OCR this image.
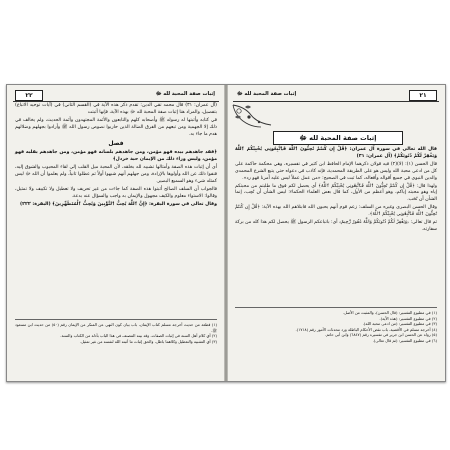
٢٢	إثبات صفة المحبة لله ﷻ

(آل عمران: ٣١) قال محمد تقي الدين: تقدم ذكر هذه الآية في (القسم الثاني) في (آيات توحيد الاتباع) بتفصيل، والمراد هنا إثبات صفة المحبة لله ﷻ بهذه الآية، فإنها أثبتت

في كتابه وأثبتها له رسوله ﷺ وأصحابه كلهم والتابعون والأئمة المجتهدون وأئمة الحديث، ولم يخالف في ذلك إلا الجهمية ومن تبعهم من الفرق الضالة الذين حاربوا نصوص رسول الله ﷺ وأرادوا بجهلهم وضلالهم هدم ما جاء به.

فصل

﴿فقد جاهدهم بيده فهو مؤمن، ومن جاهدهم بلسانه فهو مؤمن، ومن جاهدهم بقلبه فهو مؤمن، وليس وراء ذلك من الإيمان حبة خردل﴾

أي أن إثبات هذه الصفة وأمثالها تشبيه لله بخلقه، لأن المحبة ميل القلب إلى لقاء المحبوب والشوق إليه، فنفوا ذلك عن الله وأولوها بالإرادة، ومن جهلهم أنهم شبهوا أولاً ثم عطلوا ثانياً، ولم يعلموا أن الله ﷻ ليس كمثله شيء وهو السميع البصير.

فالجواب أن السلف الصالح أثبتوا هذه الصفة كما جاءت من غير تحريف ولا تعطيل ولا تكييف ولا تمثيل، وقالوا: الاستواء معلوم والكيف مجهول والإيمان به واجب والسؤال عنه بدعة.

وقال تعالى في سورة البقرة: ﴿إِنَّ ٱللَّهَ يُحِبُّ ٱلتَّوَّٰبِينَ وَيُحِبُّ ٱلْمُتَطَهِّرِينَ﴾ (البقرة: ٢٢٢)

(١) قطعة من حديث أخرجه مسلم كتاب الإيمان، باب بيان كون النهي عن المنكر من الإيمان رقم (٥٠) من حديث ابن مسعود ﷺ.

(٢) أي كلام أهل السنة في إثبات الصفات، وقد بينه المصنف في هذا الباب بأدلة من الكتاب والسنة.

(٣) أي التشبيه والتعطيل وكلاهما باطل، والحق إثبات ما أثبته الله لنفسه من غير تمثيل.

٢١
إثبات صفة المحبة لله ﷻ
إثبات صفة المحبة لله ﷻ

قال الله تعالى في سورة آل عمران: ﴿قُلْ إِن كُنتُمْ تُحِبُّونَ ٱللَّهَ فَٱتَّبِعُونِى يُحْبِبْكُمُ ٱللَّهُ وَيَغْفِرْ لَكُمْ ذُنُوبَكُمْ﴾ (آل عمران: ٣١)

قال الحسن (١): (لا)(٢) فيه قولان ذكرهما الإمام الحافظ ابن كثير في تفسيره، وهي محكمة حاكمة على كل من ادعى محبة الله وليس هو على الطريقة المحمدية، فإنه كاذب في دعواه حتى يتبع الشرع المحمدي والدين النبوي في جميع أقواله وأفعاله، كما ثبت في الصحيح: «من عمل عملاً ليس عليه أمرنا فهو رد».

ولهذا قال: ﴿قُلْ إِن كُنتُمْ تُحِبُّونَ ٱللَّهَ فَٱتَّبِعُونِى يُحْبِبْكُمُ ٱللَّهُ﴾ أي يحصل لكم فوق ما طلبتم من محبتكم إياه وهو محبته إياكم، وهو أعظم من الأول، كما قال بعض العلماء الحكماء: ليس الشأن أن تُحِب، إنما الشأن أن تُحَب.

وقال الحسن البصري وغيره من السلف: زعم قوم أنهم يحبون الله فابتلاهم الله بهذه الآية: ﴿قُلْ إِن كُنتُمْ تُحِبُّونَ ٱللَّهَ فَٱتَّبِعُونِى يُحْبِبْكُمُ ٱللَّهُ﴾.

ثم قال تعالى: ﴿وَيَغْفِرْ لَكُمْ ذُنُوبَكُمْ وَٱللَّهُ غَفُورٌ رَّحِيمٌ﴾ أي: باتباعكم الرسول ﷺ يحصل لكم هذا كله من بركة سفارته.

(١) في مطبوع التفسير: (قال الحسن)، والمثبت من الأصل.

(٢) في مطبوع التفسير: (هذه الآية).

(٣) في مطبوع التفسير: (من ادعى محبة الله).

(٤) أخرجه مسلم في الأقضية، باب نقض الأحكام الباطلة ورد محدثات الأمور رقم (١٧١٨).

(٥) رواه عن الحسن ابن جرير في تفسيره رقم (٦٨٤٧) وابن أبي حاتم.

(٦) في مطبوع التفسير: (ثم قال تعالى).
